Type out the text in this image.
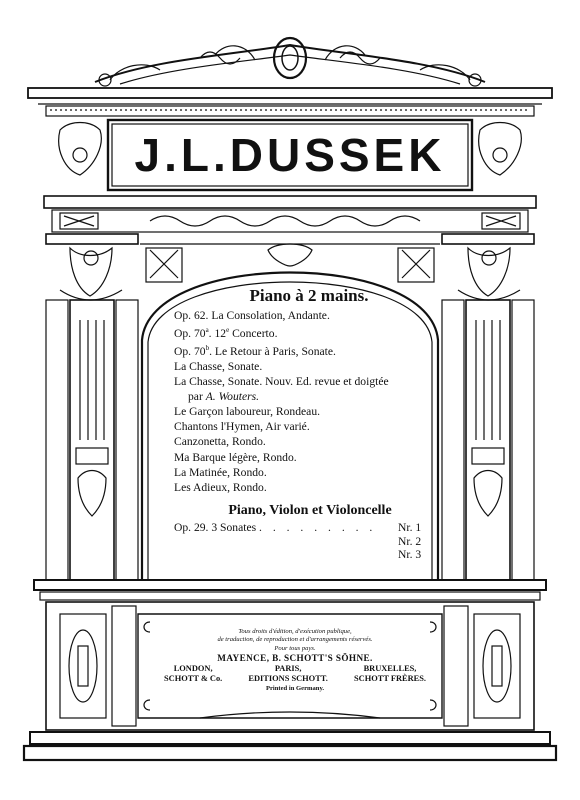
J.L.DUSSEK
Piano à 2 mains.
Op. 62. La Consolation, Andante.
Op. 70$^a$. 12e Concerto.
Op. 70$^b$. Le Retour à Paris, Sonate.
La Chasse, Sonate.
La Chasse, Sonate. Nouv. Ed. revue et doigtée
par A. Wouters.
Le Garçon laboureur, Rondeau.
Chantons l'Hymen, Air varié.
Canzonetta, Rondo.
Ma Barque légère, Rondo.
La Matinée, Rondo.
Les Adieux, Rondo.
Piano, Violon et Violoncelle
Op. 29. 3 Sonates . . . . . . . . . Nr. 1
Nr. 2
Nr. 3
Tous droits d'édition, d'exécution publique,
de traduction, de reproduction et d'arrangements réservés.
Pour tous pays.
MAYENCE, B. SCHOTT'S SÖHNE.
LONDON,
SCHOTT & Co.
PARIS,
EDITIONS SCHOTT.
BRUXELLES,
SCHOTT FRÈRES.
Printed in Germany.
